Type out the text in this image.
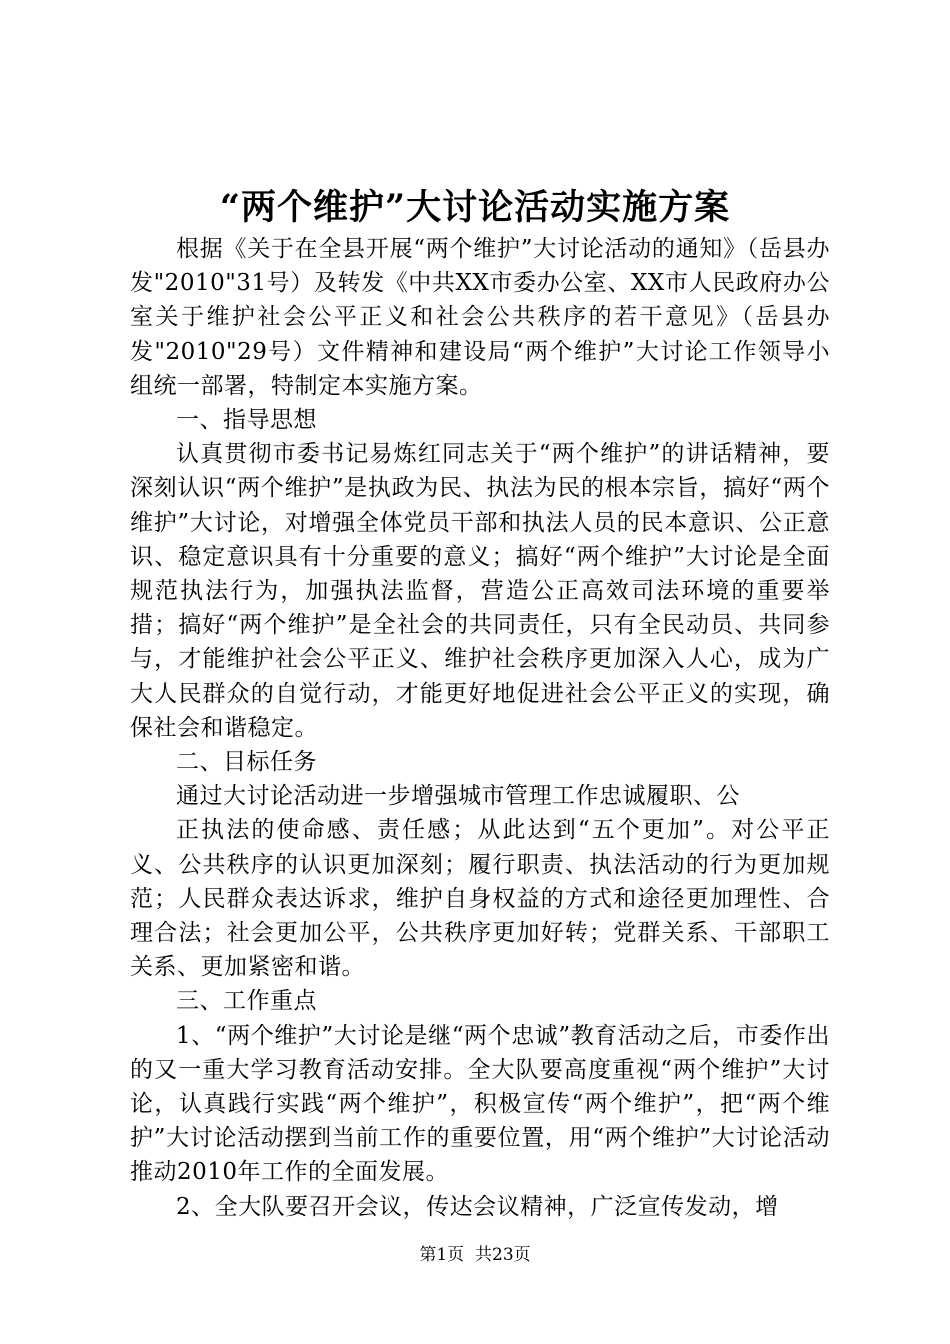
“两个维护”大讨论活动实施方案

根据《关于在全县开展“两个维护”大讨论活动的通知》（岳县办发"2010"31号）及转发《中共XX市委办公室、XX市人民政府办公室关于维护社会公平正义和社会公共秩序的若干意见》（岳县办发"2010"29号）文件精神和建设局“两个维护”大讨论工作领导小组统一部署，特制定本实施方案。

一、指导思想

认真贯彻市委书记易炼红同志关于“两个维护”的讲话精神，要深刻认识“两个维护”是执政为民、执法为民的根本宗旨，搞好“两个维护”大讨论，对增强全体党员干部和执法人员的民本意识、公正意识、稳定意识具有十分重要的意义；搞好“两个维护”大讨论是全面规范执法行为，加强执法监督，营造公正高效司法环境的重要举措；搞好“两个维护”是全社会的共同责任，只有全民动员、共同参与，才能维护社会公平正义、维护社会秩序更加深入人心，成为广大人民群众的自觉行动，才能更好地促进社会公平正义的实现，确保社会和谐稳定。

二、目标任务

通过大讨论活动进一步增强城市管理工作忠诚履职、公

正执法的使命感、责任感；从此达到“五个更加”。对公平正义、公共秩序的认识更加深刻；履行职责、执法活动的行为更加规范；人民群众表达诉求，维护自身权益的方式和途径更加理性、合理合法；社会更加公平，公共秩序更加好转；党群关系、干部职工关系、更加紧密和谐。

三、工作重点

1、“两个维护”大讨论是继“两个忠诚”教育活动之后，市委作出的又一重大学习教育活动安排。全大队要高度重视“两个维护”大讨论，认真践行实践“两个维护”，积极宣传“两个维护”，把“两个维护”大讨论活动摆到当前工作的重要位置，用“两个维护”大讨论活动推动2010年工作的全面发展。

2、全大队要召开会议，传达会议精神，广泛宣传发动，增

第1页 共23页
